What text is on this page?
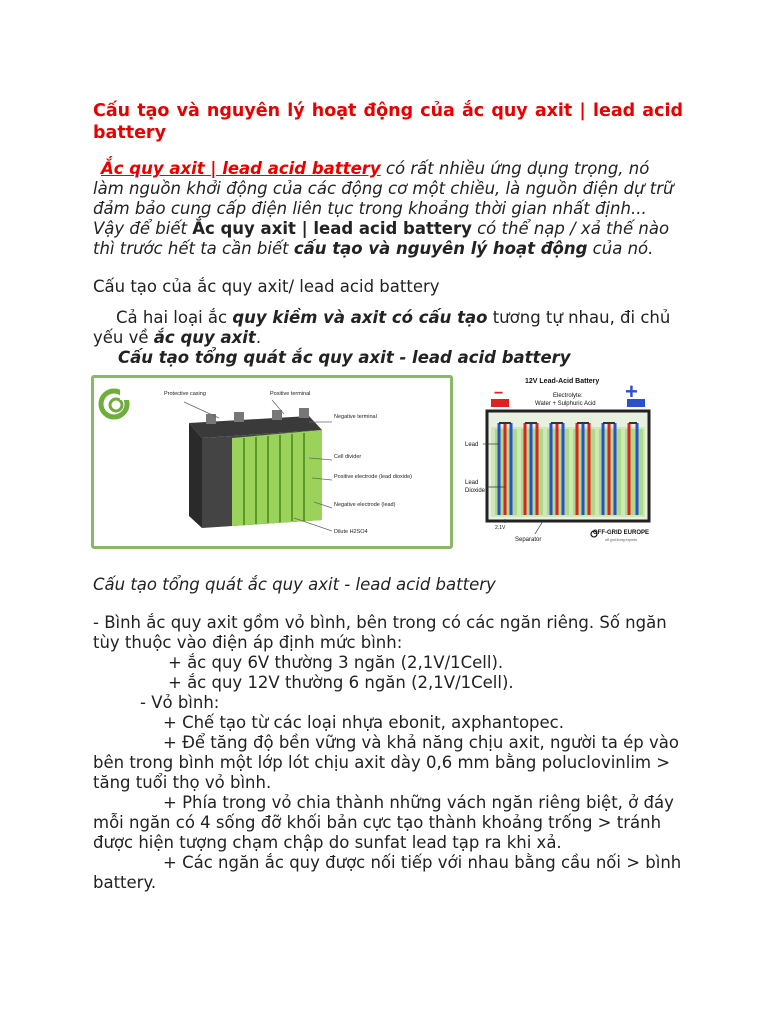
Cấu tạo và nguyên lý hoạt động của ắc quy axit | lead acid battery

Ắc quy axit | lead acid battery có rất nhiều ứng dụng trọng, nó làm nguồn khởi động của các động cơ một chiều, là nguồn điện dự trữ đảm bảo cung cấp điện liên tục trong khoảng thời gian nhất định... Vậy để biết Ắc quy axit | lead acid battery có thể nạp / xả thế nào thì trước hết ta cần biết cấu tạo và nguyên lý hoạt động của nó.

Cấu tạo của ắc quy axit/ lead acid battery

Cả hai loại ắc quy kiềm và axit có cấu tạo tương tự nhau, đi chủ yếu về ắc quy axit.

Cấu tạo tổng quát ắc quy axit - lead acid battery

Protective casing	Positive terminal
Negative terminal
Cell divider
Positive electrode (lead dioxide)
Negative electrode (lead)
Dilute H2SO4
12V Lead-Acid Battery
Electrolyte:
Water + Sulphuric Acid
−	+
Lead
Lead
Dioxide
2.1V
Separator
OFF-GRID EUROPE
off grid living experts

Cấu tạo tổng quát ắc quy axit - lead acid battery

- Bình ắc quy axit gồm vỏ bình, bên trong có các ngăn riêng. Số ngăn tùy thuộc vào điện áp định mức bình:

+ ắc quy 6V thường 3 ngăn (2,1V/1Cell).

+ ắc quy 12V thường 6 ngăn (2,1V/1Cell).

- Vỏ bình:

+ Chế tạo từ các loại nhựa ebonit, axphantopec.

+ Để tăng độ bền vững và khả năng chịu axit, người ta ép vào bên trong bình một lớp lót chịu axit dày 0,6 mm bằng poluclovinlim > tăng tuổi thọ vỏ bình.

+ Phía trong vỏ chia thành những vách ngăn riêng biệt, ở đáy mỗi ngăn có 4 sống đỡ khối bản cực tạo thành khoảng trống > tránh được hiện tượng chạm chập do sunfat lead tạp ra khi xả.

+ Các ngăn ắc quy được nối tiếp với nhau bằng cầu nối > bình battery.
